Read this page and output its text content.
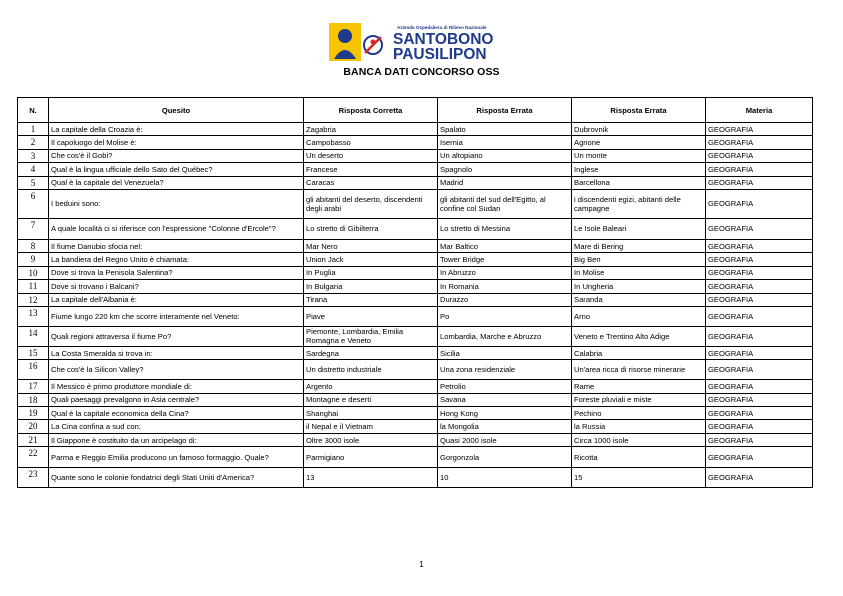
Azienda Ospedaliera di Rilievo Nazionale
SANTOBONO
PAUSILIPON
BANCA DATI CONCORSO OSS
N.	Quesito	Risposta Corretta	Risposta Errata	Risposta Errata	Materia
1	La capitale della Croazia è:	Zagabria	Spalato	Dubrovnik	GEOGRAFIA
2	Il capoluogo del Molise è:	Campobasso	Isernia	Agnone	GEOGRAFIA
3	Che cos'è il Gobi?	Un deserto	Un altopiano	Un monte	GEOGRAFIA
4	Qual è la lingua ufficiale dello Sato del Québec?	Francese	Spagnolo	Inglese	GEOGRAFIA
5	Qual è la capitale del Venezuela?	Caracas	Madrid	Barcellona	GEOGRAFIA
6	I beduini sono:	gli abitanti del deserto, discendenti degli arabi	gli abitanti del sud dell'Egitto, al confine col Sudan	i discendenti egizi, abitanti delle campagne	GEOGRAFIA
7	A quale località ci si riferisce con l'espressione "Colonne d'Ercole"?	Lo stretto di Gibilterra	Lo stretto di Messina	Le Isole Baleari	GEOGRAFIA
8	Il fiume Danubio sfocia nel:	Mar Nero	Mar Baltico	Mare di Bering	GEOGRAFIA
9	La bandiera del Regno Unito è chiamata:	Union Jack	Tower Bridge	Big Ben	GEOGRAFIA
10	Dove si trova la Penisola Salentina?	In Puglia	In Abruzzo	In Molise	GEOGRAFIA
11	Dove si trovano i Balcani?	In Bulgaria	In Romania	In Ungheria	GEOGRAFIA
12	La capitale dell'Albania è:	Tirana	Durazzo	Saranda	GEOGRAFIA
13	Fiume lungo 220 km che scorre interamente nel Veneto:	Piave	Po	Arno	GEOGRAFIA
14	Quali regioni attraversa il fiume Po?	Piemonte, Lombardia, Emilia Romagna e Veneto	Lombardia, Marche e Abruzzo	Veneto e Trentino Alto Adige	GEOGRAFIA
15	La Costa Smeralda si trova in:	Sardegna	Sicilia	Calabria	GEOGRAFIA
16	Che cos'è la Silicon Valley?	Un distretto industriale	Una zona residenziale	Un'area ricca di risorse minerarie	GEOGRAFIA
17	Il Messico è primo produttore mondiale di:	Argento	Petrolio	Rame	GEOGRAFIA
18	Quali paesaggi prevalgono in Asia centrale?	Montagne e deserti	Savana	Foreste pluviali e miste	GEOGRAFIA
19	Qual è la capitale economica della Cina?	Shanghai	Hong Kong	Pechino	GEOGRAFIA
20	La Cina confina a sud con:	il Nepal e il Vietnam	la Mongolia	la Russia	GEOGRAFIA
21	Il Giappone è costituito da un arcipelago di:	Oltre 3000 isole	Quasi 2000 isole	Circa 1000 isole	GEOGRAFIA
22	Parma e Reggio Emilia producono un famoso formaggio. Quale?	Parmigiano	Gorgonzola	Ricotta	GEOGRAFIA
23	Quante sono le colonie fondatrici degli Stati Uniti d'America?	13	10	15	GEOGRAFIA
1
